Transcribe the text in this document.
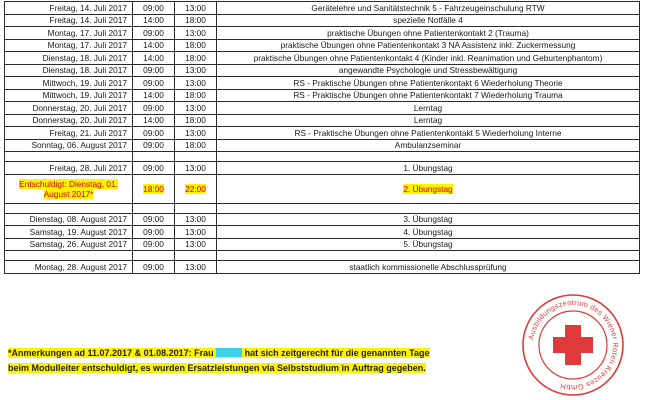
Freitag, 14. Juli 2017	09:00	13:00	Gerätelehre und Sanitätstechnik 5 - Fahrzeugeinschulung RTW
Freitag, 14. Juli 2017	14:00	18:00	spezielle Notfälle 4
Montag, 17. Juli 2017	09:00	13:00	praktische Übungen ohne Patientenkontakt 2 (Trauma)
Montag, 17. Juli 2017	14:00	18:00	praktische Übungen ohne Patientenkontakt 3 NA Assistenz inkl. Zuckermessung
Dienstag, 18. Juli 2017	14:00	18:00	praktische Übungen ohne Patientenkontakt 4 (Kinder inkl. Reanimation und Geburtenphantom)
Dienstag, 18. Juli 2017	09:00	13:00	angewandte Psychologie und Stressbewältigung
Mittwoch, 19. Juli 2017	09:00	13:00	RS - Praktische Übungen ohne Patientenkontakt 6 Wiederholung Theorie
Mittwoch, 19. Juli 2017	14:00	18:00	RS - Praktische Übungen ohne Patientenkontakt 7 Wiederholung Trauma
Donnerstag, 20. Juli 2017	09:00	13:00	Lerntag
Donnerstag, 20. Juli 2017	14:00	18:00	Lerntag
Freitag, 21. Juli 2017	09:00	13:00	RS - Praktische Übungen ohne Patientenkontakt 5 Wiederholung Interne
Sonntag, 06. August 2017	09:00	18:00	Ambulanzseminar

Freitag, 28. Juli 2017	09:00	13:00	1. Übungstag
Entschuldigt: Dienstag, 01. August 2017*	18:00	22:00	2. Übungstag

Dienstag, 08. August 2017	09:00	13:00	3. Übungstag
Samstag, 19. August 2017	09:00	13:00	4. Übungstag
Samstag, 26. August 2017	09:00	13:00	5. Übungstag

Montag, 28. August 2017	09:00	13:00	staatlich kommissionelle Abschlussprüfung
*Anmerkungen ad 11.07.2017 & 01.08.2017: Frau	hat sich zeitgerecht für die genannten Tage
beim Modulleiter entschuldigt, es wurden Ersatzleistungen via Selbststudium in Auftrag gegeben.
Ausbildungszentrum des Wiener Roten Kreuzes GmbH
